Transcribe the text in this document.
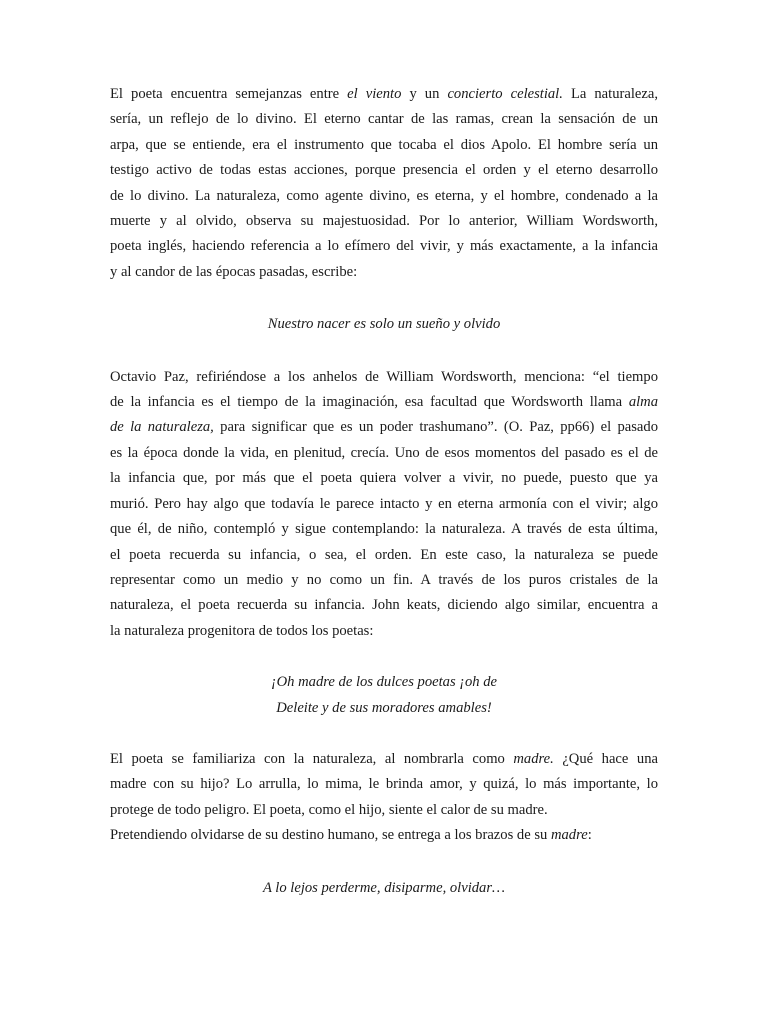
El poeta encuentra semejanzas entre el viento y un concierto celestial. La naturaleza,
sería, un reflejo de lo divino. El eterno cantar de las ramas, crean la sensación de un
arpa, que se entiende, era el instrumento que tocaba el dios Apolo. El hombre sería un
testigo activo de todas estas acciones, porque presencia el orden y el eterno desarrollo
de lo divino. La naturaleza, como agente divino, es eterna, y el hombre, condenado a la
muerte y al olvido, observa su majestuosidad. Por lo anterior, William Wordsworth,
poeta inglés, haciendo referencia a lo efímero del vivir, y más exactamente, a la infancia
y al candor de las épocas pasadas, escribe:

Nuestro nacer es solo un sueño y olvido

Octavio Paz, refiriéndose a los anhelos de William Wordsworth, menciona: “el tiempo
de la infancia es el tiempo de la imaginación, esa facultad que Wordsworth llama alma
de la naturaleza, para significar que es un poder trashumano”. (O. Paz, pp66) el pasado
es la época donde la vida, en plenitud, crecía. Uno de esos momentos del pasado es el de
la infancia que, por más que el poeta quiera volver a vivir, no puede, puesto que ya
murió. Pero hay algo que todavía le parece intacto y en eterna armonía con el vivir; algo
que él, de niño, contempló y sigue contemplando: la naturaleza. A través de esta última,
el poeta recuerda su infancia, o sea, el orden. En este caso, la naturaleza se puede
representar como un medio y no como un fin. A través de los puros cristales de la
naturaleza, el poeta recuerda su infancia. John keats, diciendo algo similar, encuentra a
la naturaleza progenitora de todos los poetas:

¡Oh madre de los dulces poetas ¡oh de
Deleite y de sus moradores amables!

El poeta se familiariza con la naturaleza, al nombrarla como madre. ¿Qué hace una
madre con su hijo? Lo arrulla, lo mima, le brinda amor, y quizá, lo más importante, lo
protege de todo peligro. El poeta, como el hijo, siente el calor de su madre.
Pretendiendo olvidarse de su destino humano, se entrega a los brazos de su madre:

A lo lejos perderme, disiparme, olvidar…
